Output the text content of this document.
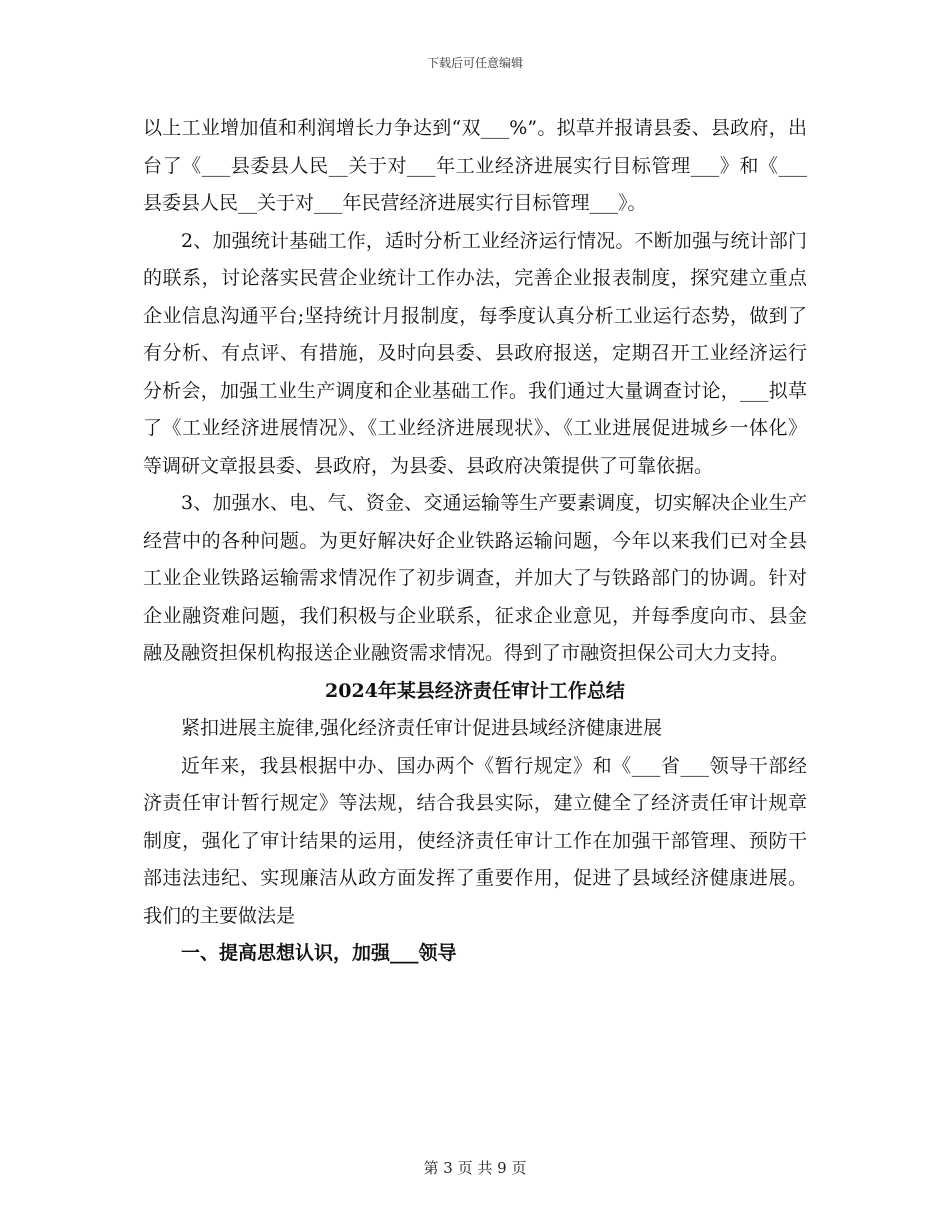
下载后可任意编辑

以上工业增加值和利润增长力争达到“双___%”。拟草并报请县委、县政府，出台了《___县委县人民__关于对___年工业经济进展实行目标管理___》和《___县委县人民__关于对___年民营经济进展实行目标管理___》。

2、加强统计基础工作，适时分析工业经济运行情况。不断加强与统计部门的联系，讨论落实民营企业统计工作办法，完善企业报表制度，探究建立重点企业信息沟通平台;坚持统计月报制度，每季度认真分析工业运行态势，做到了有分析、有点评、有措施，及时向县委、县政府报送，定期召开工业经济运行分析会，加强工业生产调度和企业基础工作。我们通过大量调查讨论，___拟草了《工业经济进展情况》、《工业经济进展现状》、《工业进展促进城乡一体化》等调研文章报县委、县政府，为县委、县政府决策提供了可靠依据。

3、加强水、电、气、资金、交通运输等生产要素调度，切实解决企业生产经营中的各种问题。为更好解决好企业铁路运输问题，今年以来我们已对全县工业企业铁路运输需求情况作了初步调查，并加大了与铁路部门的协调。针对企业融资难问题，我们积极与企业联系，征求企业意见，并每季度向市、县金融及融资担保机构报送企业融资需求情况。得到了市融资担保公司大力支持。

2024年某县经济责任审计工作总结

紧扣进展主旋律,强化经济责任审计促进县域经济健康进展

近年来，我县根据中办、国办两个《暂行规定》和《___省___领导干部经济责任审计暂行规定》等法规，结合我县实际，建立健全了经济责任审计规章制度，强化了审计结果的运用，使经济责任审计工作在加强干部管理、预防干部违法违纪、实现廉洁从政方面发挥了重要作用，促进了县域经济健康进展。我们的主要做法是

一、提高思想认识，加强___领导

第 3 页 共 9 页
